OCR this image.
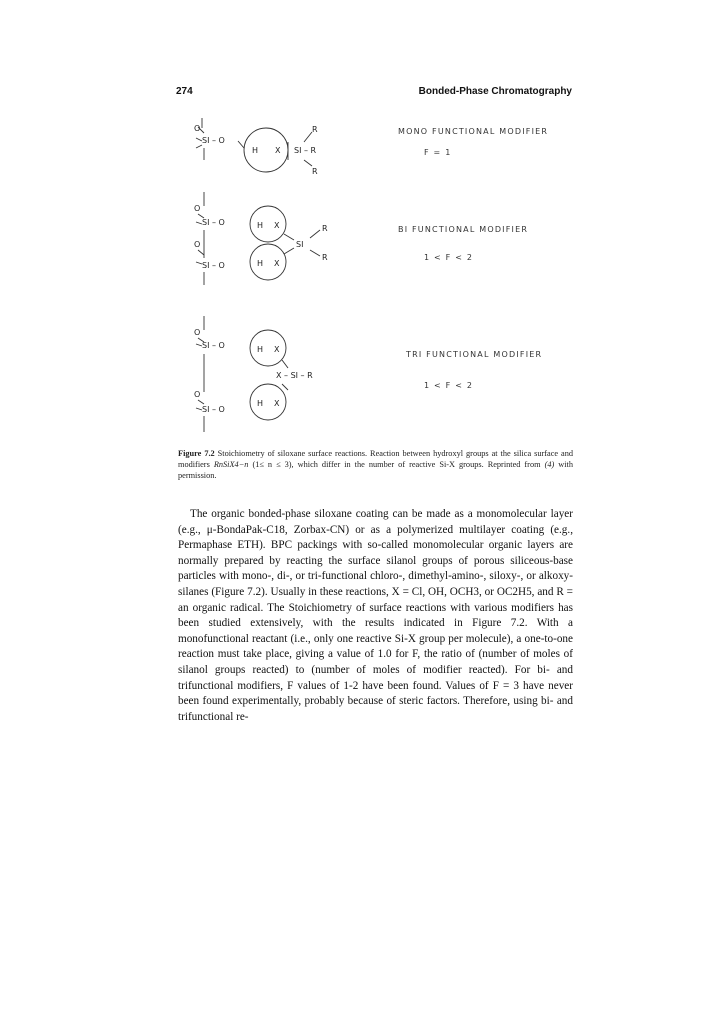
274	Bonded-Phase Chromatography
O
SI – O
H X SI – R
R
R
MONO FUNCTIONAL MODIFIER
F = 1
O
SI – O	H X
O
SI – O	H X
SI
R
R
BI FUNCTIONAL MODIFIER
1 < F < 2
O
SI – O	H X
X – SI – R
O
SI – O
H X
TRI FUNCTIONAL MODIFIER
1 < F < 2
Figure 7.2 Stoichiometry of siloxane surface reactions. Reaction between hydroxyl groups at the silica surface and modifiers RnSiX4−n (1≤ n ≤ 3), which differ in the number of reactive Si-X groups. Reprinted from (4) with permission.

The organic bonded-phase siloxane coating can be made as a monomolecular layer (e.g., μ-BondaPak-C18, Zorbax-CN) or as a polymerized multilayer coating (e.g., Permaphase ETH). BPC packings with so-called monomolecular organic layers are normally prepared by reacting the surface silanol groups of porous siliceous-base particles with mono-, di-, or tri-functional chloro-, dimethyl-amino-, siloxy-, or alkoxy-silanes (Figure 7.2). Usually in these reactions, X = Cl, OH, OCH3, or OC2H5, and R = an organic radical. The Stoichiometry of surface reactions with various modifiers has been studied extensively, with the results indicated in Figure 7.2. With a monofunctional reactant (i.e., only one reactive Si-X group per molecule), a one-to-one reaction must take place, giving a value of 1.0 for F, the ratio of (number of moles of silanol groups reacted) to (number of moles of modifier reacted). For bi- and trifunctional modifiers, F values of 1-2 have been found. Values of F = 3 have never been found experimentally, probably because of steric factors. Therefore, using bi- and trifunctional re-
